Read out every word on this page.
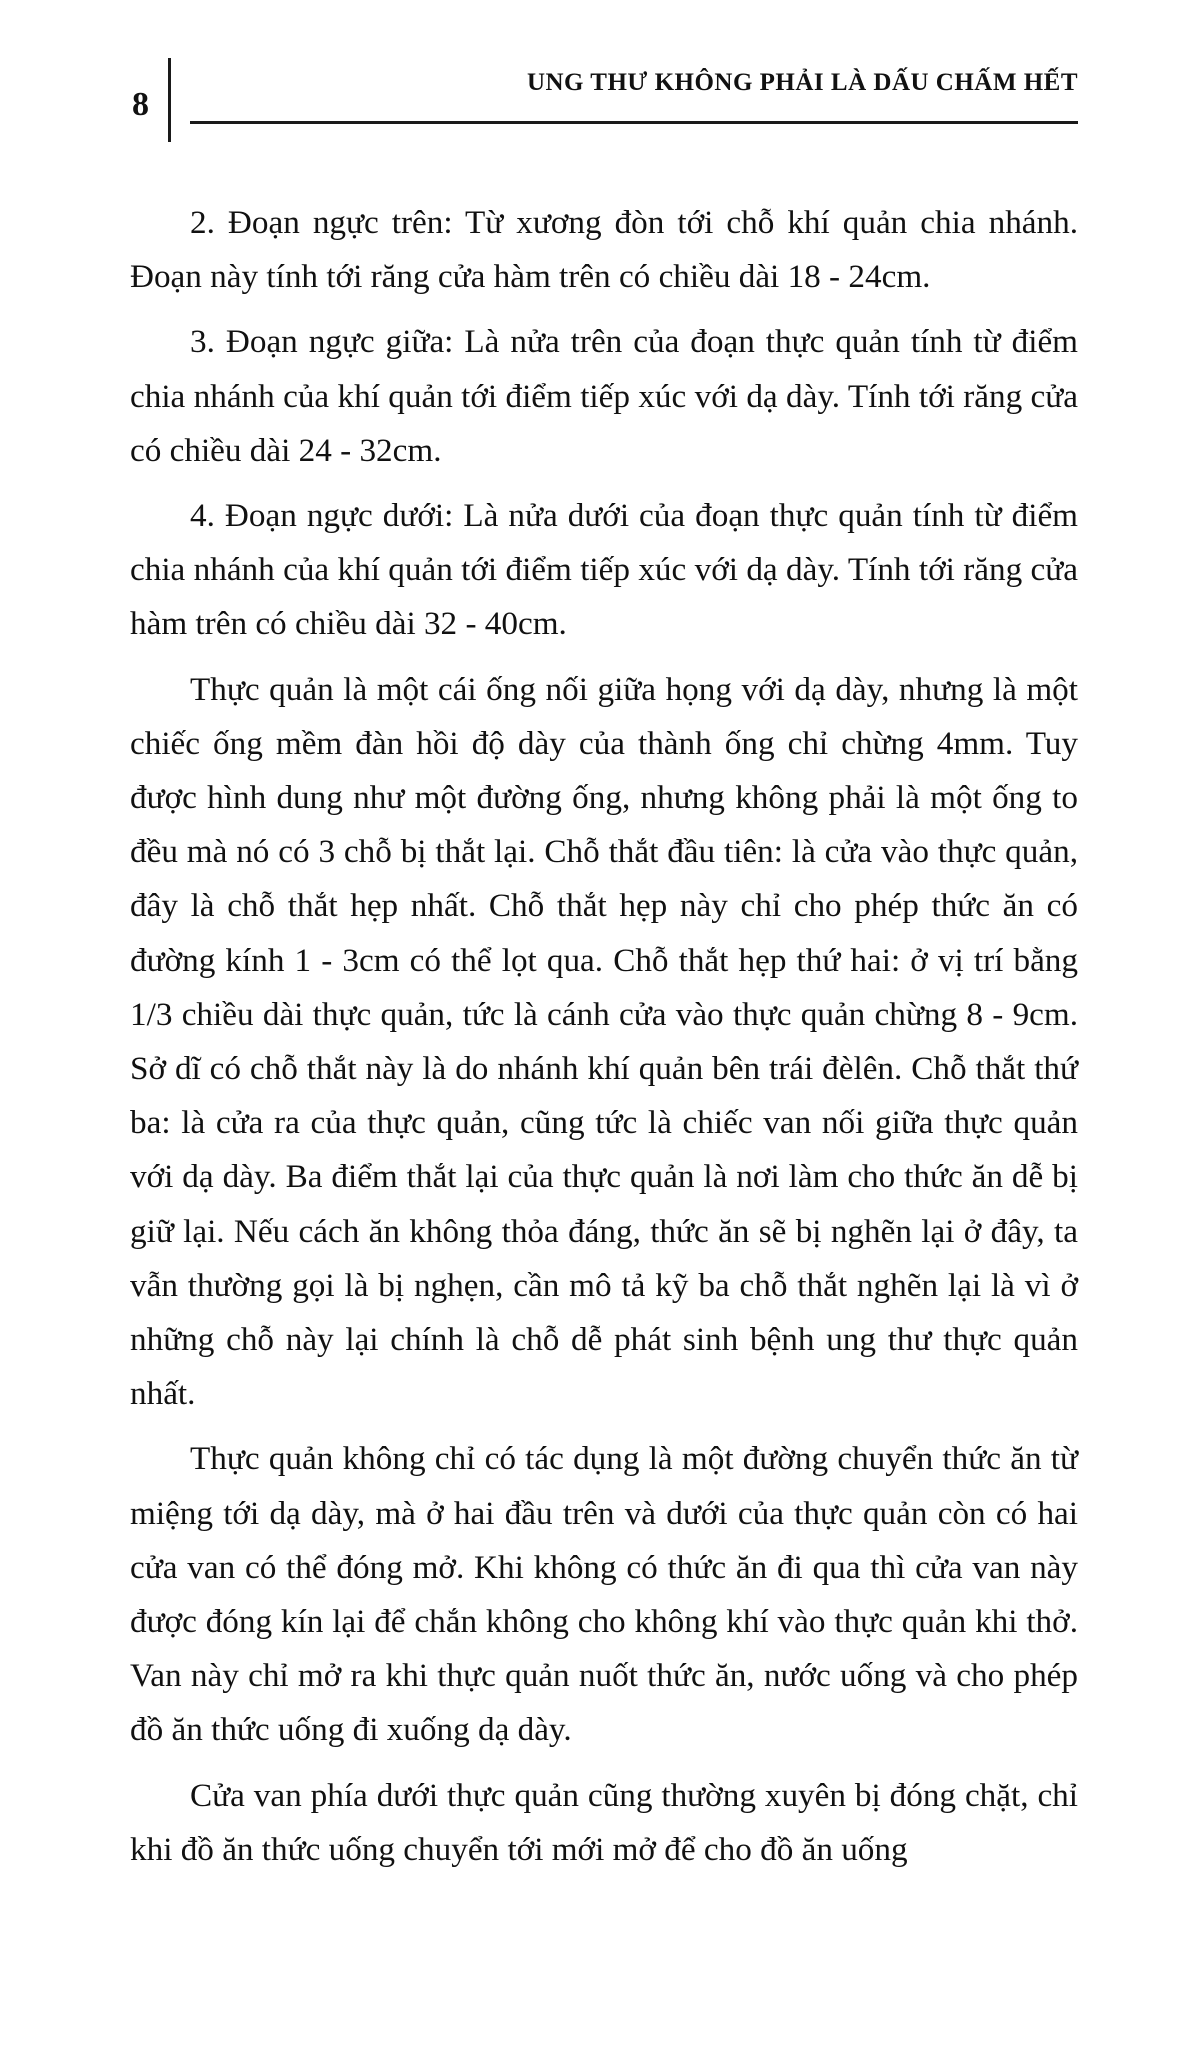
8
UNG THƯ KHÔNG PHẢI LÀ DẤU CHẤM HẾT

2. Đoạn ngực trên: Từ xương đòn tới chỗ khí quản chia nhánh. Đoạn này tính tới răng cửa hàm trên có chiều dài 18 - 24cm.

3. Đoạn ngực giữa: Là nửa trên của đoạn thực quản tính từ điểm chia nhánh của khí quản tới điểm tiếp xúc với dạ dày. Tính tới răng cửa có chiều dài 24 - 32cm.

4. Đoạn ngực dưới: Là nửa dưới của đoạn thực quản tính từ điểm chia nhánh của khí quản tới điểm tiếp xúc với dạ dày. Tính tới răng cửa hàm trên có chiều dài 32 - 40cm.

Thực quản là một cái ống nối giữa họng với dạ dày, nhưng là một chiếc ống mềm đàn hồi độ dày của thành ống chỉ chừng 4mm. Tuy được hình dung như một đường ống, nhưng không phải là một ống to đều mà nó có 3 chỗ bị thắt lại. Chỗ thắt đầu tiên: là cửa vào thực quản, đây là chỗ thắt hẹp nhất. Chỗ thắt hẹp này chỉ cho phép thức ăn có đường kính 1 - 3cm có thể lọt qua. Chỗ thắt hẹp thứ hai: ở vị trí bằng 1/3 chiều dài thực quản, tức là cánh cửa vào thực quản chừng 8 - 9cm. Sở dĩ có chỗ thắt này là do nhánh khí quản bên trái đèlên. Chỗ thắt thứ ba: là cửa ra của thực quản, cũng tức là chiếc van nối giữa thực quản với dạ dày. Ba điểm thắt lại của thực quản là nơi làm cho thức ăn dễ bị giữ lại. Nếu cách ăn không thỏa đáng, thức ăn sẽ bị nghẽn lại ở đây, ta vẫn thường gọi là bị nghẹn, cần mô tả kỹ ba chỗ thắt nghẽn lại là vì ở những chỗ này lại chính là chỗ dễ phát sinh bệnh ung thư thực quản nhất.

Thực quản không chỉ có tác dụng là một đường chuyển thức ăn từ miệng tới dạ dày, mà ở hai đầu trên và dưới của thực quản còn có hai cửa van có thể đóng mở. Khi không có thức ăn đi qua thì cửa van này được đóng kín lại để chắn không cho không khí vào thực quản khi thở. Van này chỉ mở ra khi thực quản nuốt thức ăn, nước uống và cho phép đồ ăn thức uống đi xuống dạ dày.

Cửa van phía dưới thực quản cũng thường xuyên bị đóng chặt, chỉ khi đồ ăn thức uống chuyển tới mới mở để cho đồ ăn uống
